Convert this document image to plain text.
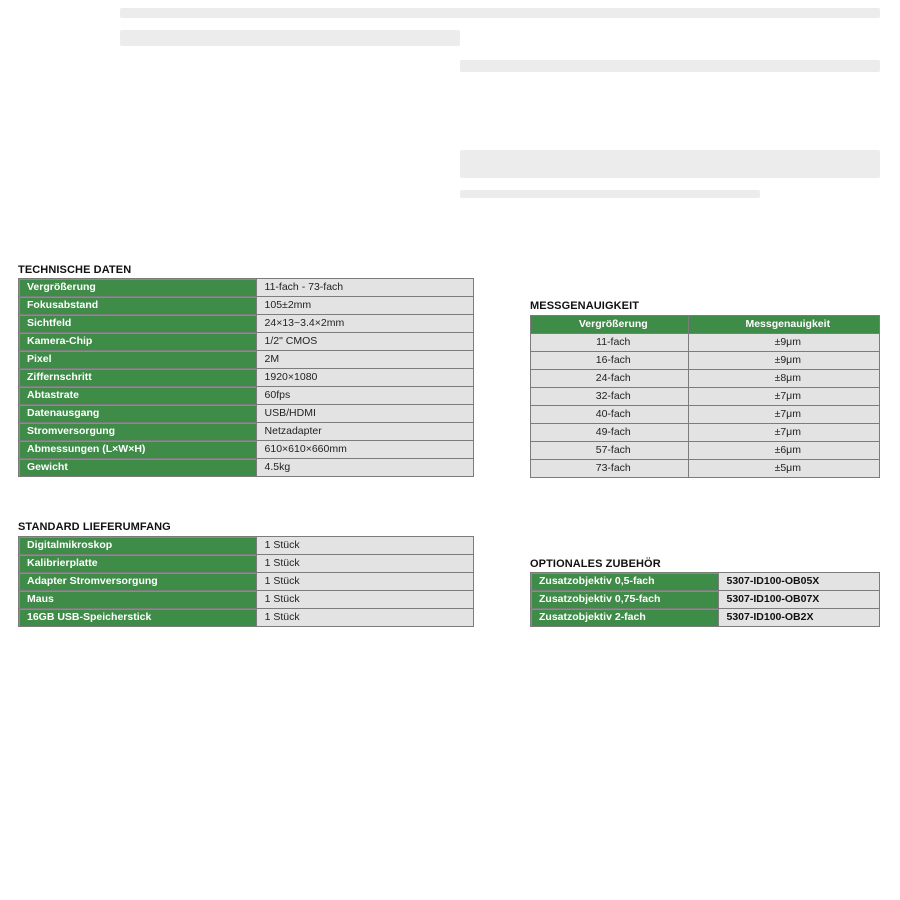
TECHNISCHE DATEN
Vergrößerung	11-fach - 73-fach
Fokusabstand	105±2mm
Sichtfeld	24×13~3.4×2mm
Kamera-Chip	1/2" CMOS
Pixel	2M
Ziffernschritt	1920×1080
Abtastrate	60fps
Datenausgang	USB/HDMI
Stromversorgung	Netzadapter
Abmessungen (L×W×H)	610×610×660mm
Gewicht	4.5kg
MESSGENAUIGKEIT
Vergrößerung	Messgenauigkeit
11-fach	±9μm
16-fach	±9μm
24-fach	±8μm
32-fach	±7μm
40-fach	±7μm
49-fach	±7μm
57-fach	±6μm
73-fach	±5μm
STANDARD LIEFERUMFANG
Digitalmikroskop	1 Stück
Kalibrierplatte	1 Stück
Adapter Stromversorgung	1 Stück
Maus	1 Stück
16GB USB-Speicherstick	1 Stück
OPTIONALES ZUBEHÖR
Zusatzobjektiv 0,5-fach	5307-ID100-OB05X
Zusatzobjektiv 0,75-fach	5307-ID100-OB07X
Zusatzobjektiv 2-fach	5307-ID100-OB2X
